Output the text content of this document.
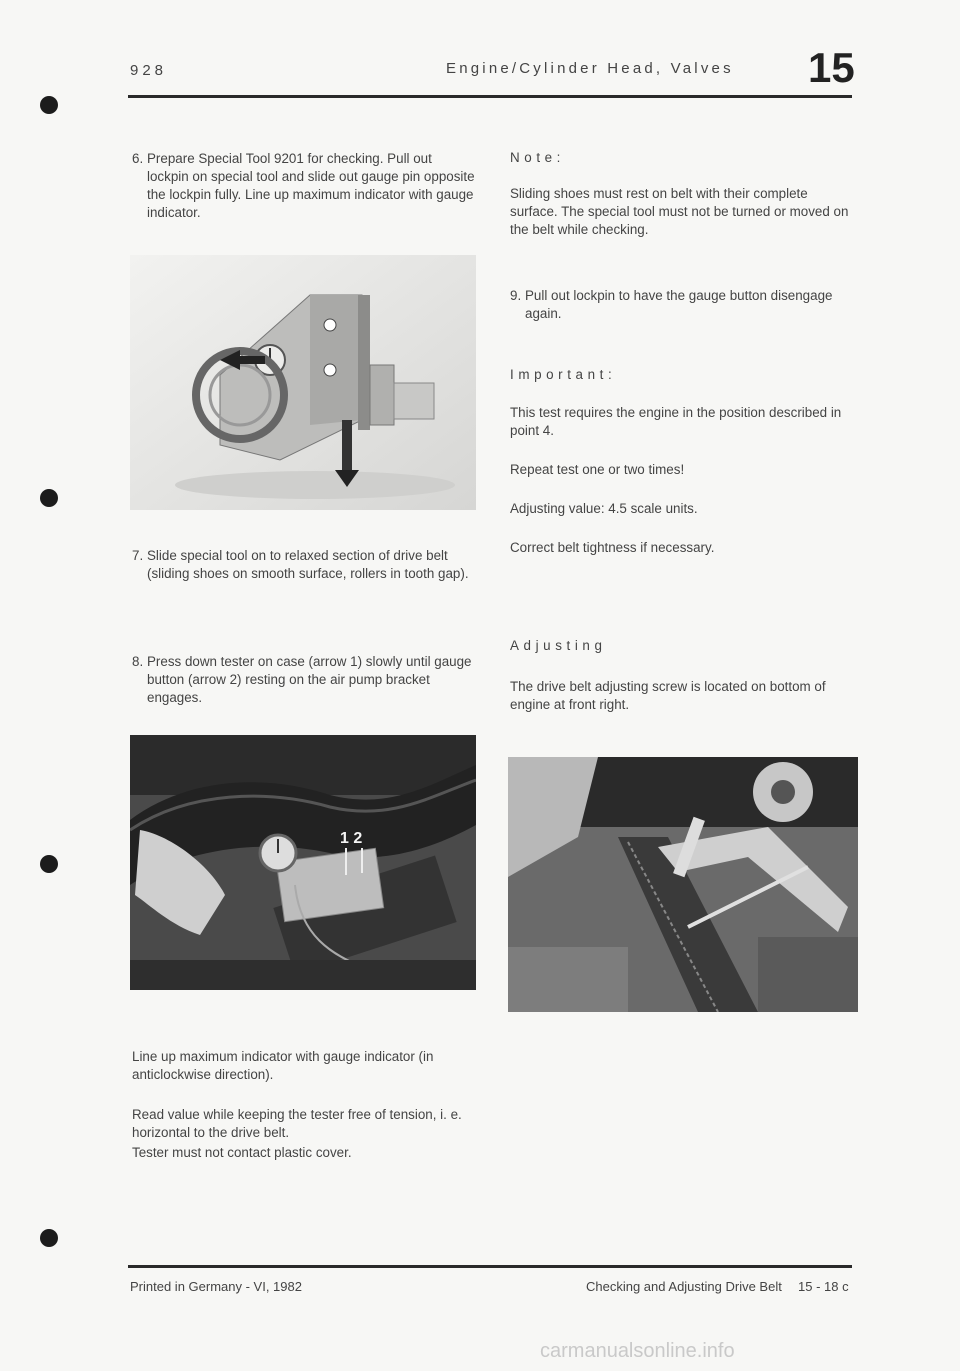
928	Engine/Cylinder Head, Valves 15
6. Prepare Special Tool 9201 for checking. Pull out lockpin on special tool and slide out gauge pin opposite the lockpin fully. Line up maximum indicator with gauge indicator.
7. Slide special tool on to relaxed section of drive belt (sliding shoes on smooth surface, rollers in tooth gap).
8. Press down tester on case (arrow 1) slowly until gauge button (arrow 2) resting on the air pump bracket engages.
1 2
Line up maximum indicator with gauge indicator (in anticlockwise direction).
Read value while keeping the tester free of tension, i. e. horizontal to the drive belt.
Tester must not contact plastic cover.
Note:
Sliding shoes must rest on belt with their complete surface. The special tool must not be turned or moved on the belt while checking.
9. Pull out lockpin to have the gauge button disengage again.
Important:
This test requires the engine in the position described in point 4.
Repeat test one or two times!
Adjusting value: 4.5 scale units.
Correct belt tightness if necessary.
Adjusting
The drive belt adjusting screw is located on bottom of engine at front right.
Printed in Germany - VI, 1982	Checking and Adjusting Drive Belt 15 - 18 c
carmanualsonline.info
